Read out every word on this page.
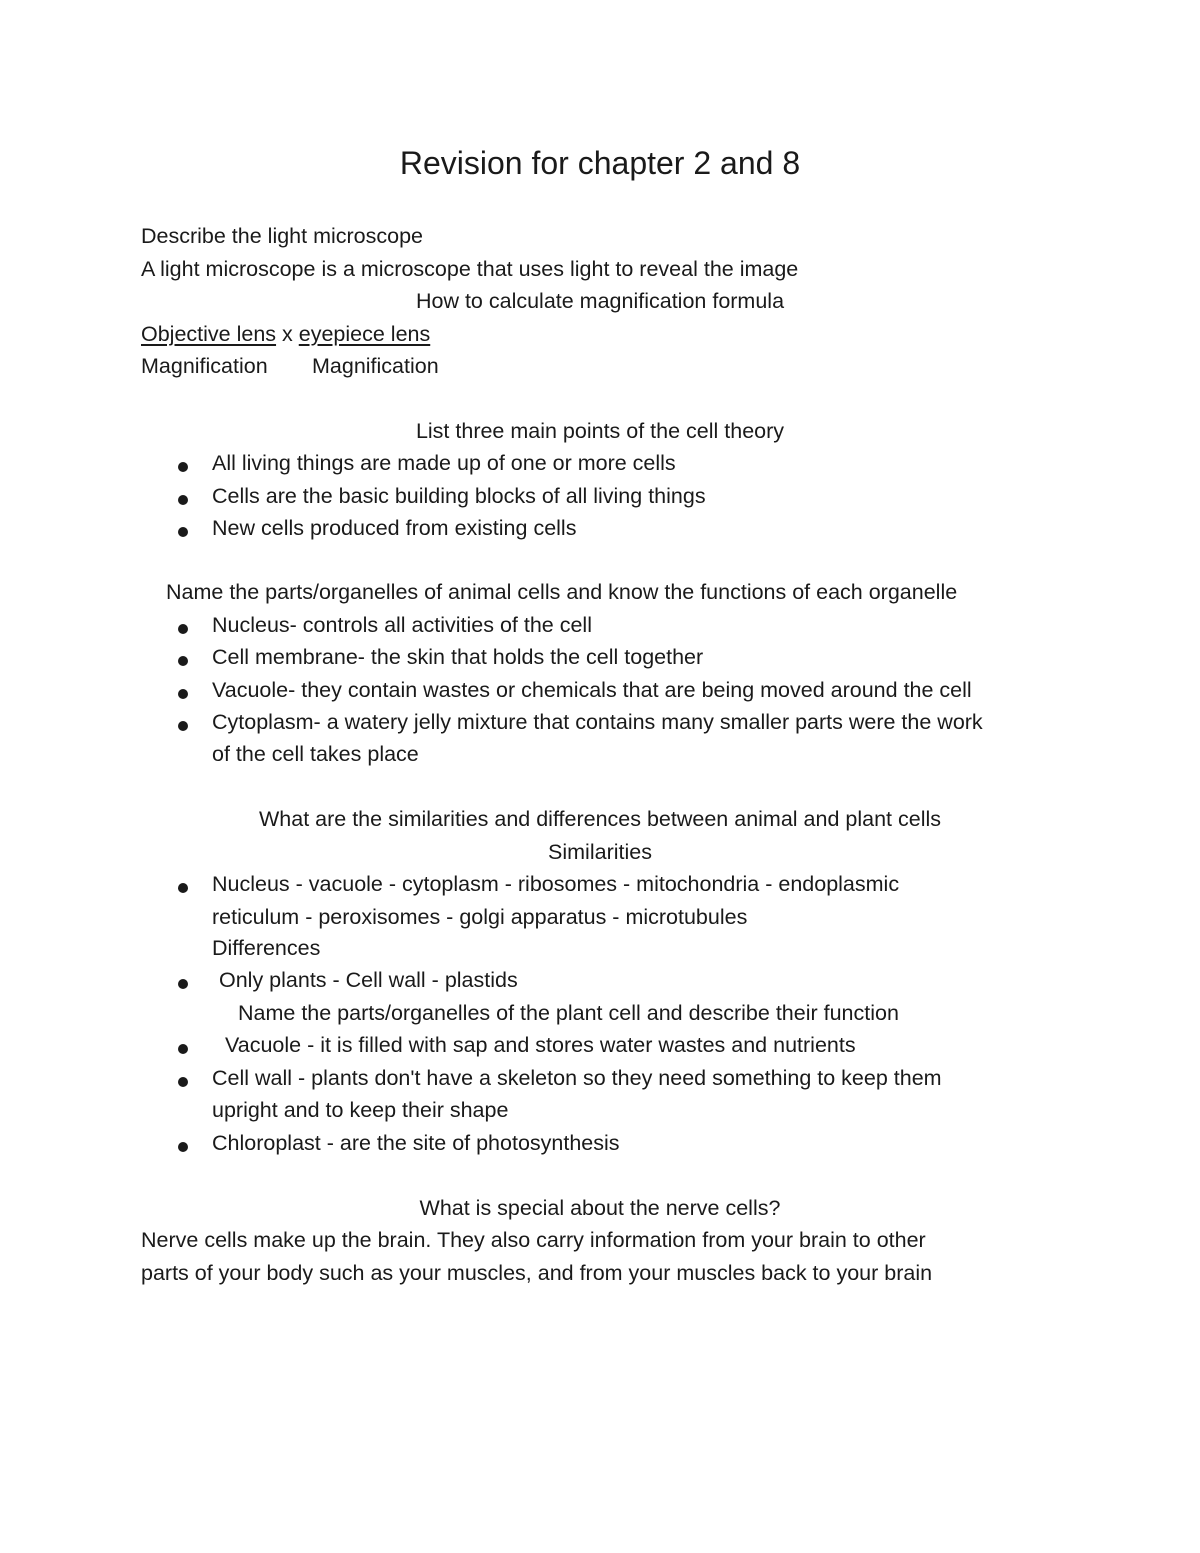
Revision for chapter 2 and 8
Describe the light microscope
A light microscope is a microscope that uses light to reveal the image
How to calculate magnification formula
Objective lens x eyepiece lens
Magnification Magnification
List three main points of the cell theory
All living things are made up of one or more cells
Cells are the basic building blocks of all living things
New cells produced from existing cells
Name the parts/organelles of animal cells and know the functions of each organelle
Nucleus- controls all activities of the cell
Cell membrane- the skin that holds the cell together
Vacuole- they contain wastes or chemicals that are being moved around the cell
Cytoplasm- a watery jelly mixture that contains many smaller parts were the work
of the cell takes place
What are the similarities and differences between animal and plant cells
Similarities
Nucleus - vacuole - cytoplasm - ribosomes - mitochondria - endoplasmic
reticulum - peroxisomes - golgi apparatus - microtubules
Differences
Only plants - Cell wall - plastids
Name the parts/organelles of the plant cell and describe their function
Vacuole - it is filled with sap and stores water wastes and nutrients
Cell wall - plants don't have a skeleton so they need something to keep them
upright and to keep their shape
Chloroplast - are the site of photosynthesis
What is special about the nerve cells?
Nerve cells make up the brain. They also carry information from your brain to other
parts of your body such as your muscles, and from your muscles back to your brain
